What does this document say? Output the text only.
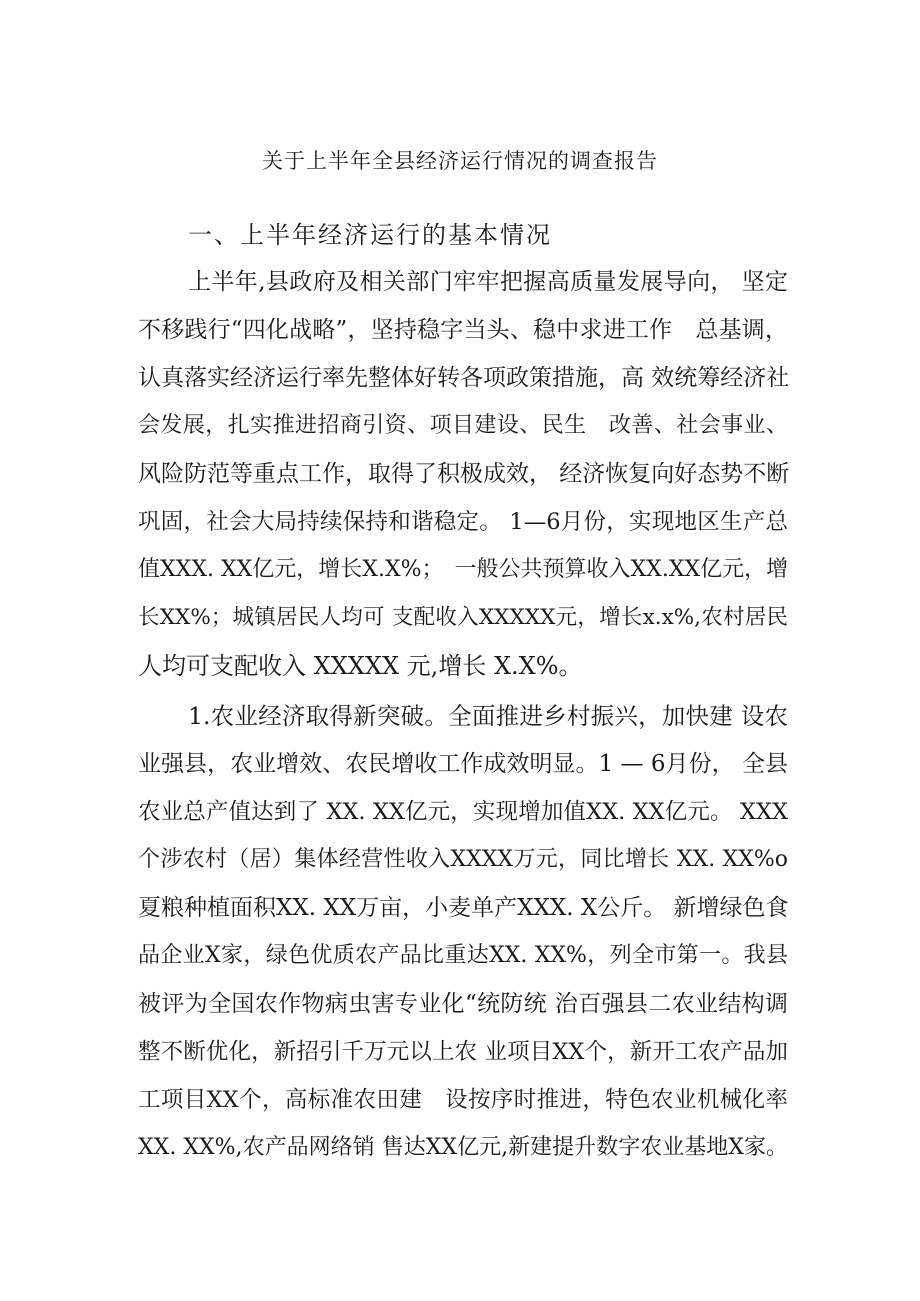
关于上半年全县经济运行情况的调查报告
一、上半年经济运行的基本情况
上半年,县政府及相关部门牢牢把握高质量发展导向， 坚定
不移践行“四化战略”，坚持稳字当头、稳中求进工作　总基调，
认真落实经济运行率先整体好转各项政策措施，高 效统筹经济社
会发展，扎实推进招商引资、项目建设、民生　改善、社会事业、
风险防范等重点工作，取得了积极成效， 经济恢复向好态势不断
巩固，社会大局持续保持和谐稳定。 1—6月份，实现地区生产总
值XXX. XX亿元，增长X.X%；　一般公共预算收入XX.XX亿元，增
长XX%；城镇居民人均可 支配收入XXXXX元，增长x.x%,农村居民
人均可支配收入 XXXXX 元,增长 X.X%。
1.农业经济取得新突破。全面推进乡村振兴，加快建 设农
业强县，农业增效、农民增收工作成效明显。1 — 6月份， 全县
农业总产值达到了 XX. XX亿元，实现增加值XX. XX亿元。 XXX
个涉农村（居）集体经营性收入XXXX万元，同比增长 XX. XX%o
夏粮种植面积XX. XX万亩，小麦单产XXX. X公斤。 新增绿色食
品企业X家，绿色优质农产品比重达XX. XX%，列全市第一。我县
被评为全国农作物病虫害专业化“统防统 治百强县二农业结构调
整不断优化，新招引千万元以上农 业项目XX个，新开工农产品加
工项目XX个，高标准农田建　设按序时推进，特色农业机械化率
XX. XX%,农产品网络销 售达XX亿元,新建提升数字农业基地X家。
